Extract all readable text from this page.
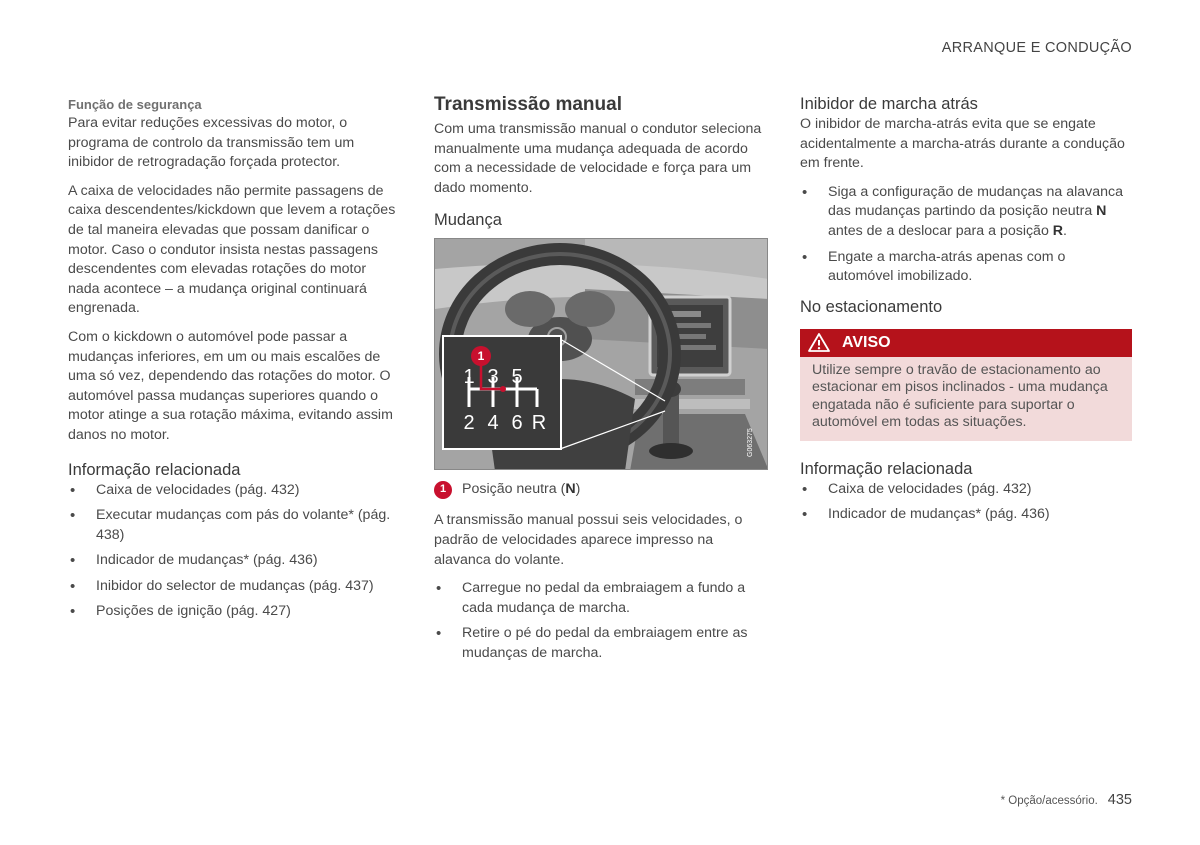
ARRANQUE E CONDUÇÃO
Função de segurança

Para evitar reduções excessivas do motor, o programa de controlo da transmissão tem um inibidor de retrogradação forçada protector.

A caixa de velocidades não permite passagens de caixa descendentes/kickdown que levem a rotações de tal maneira elevadas que possam danificar o motor. Caso o condutor insista nestas passagens descendentes com elevadas rotações do motor nada acontece – a mudança original continuará engrenada.

Com o kickdown o automóvel pode passar a mudanças inferiores, em um ou mais escalões de uma só vez, dependendo das rotações do motor. O automóvel passa mudanças superiores quando o motor atinge a sua rotação máxima, evitando assim danos no motor.

Informação relacionada
• Caixa de velocidades (pág. 432)
• Executar mudanças com pás do volante* (pág. 438)
• Indicador de mudanças* (pág. 436)
• Inibidor do selector de mudanças (pág. 437)
• Posições de ignição (pág. 427)
Transmissão manual

Com uma transmissão manual o condutor seleciona manualmente uma mudança adequada de acordo com a necessidade de velocidade e força para um dado momento.

Mudança
1 3 5
2 4 6 R
1
G063275
1	Posição neutra (N)

A transmissão manual possui seis velocidades, o padrão de velocidades aparece impresso na alavanca do volante.

• Carregue no pedal da embraiagem a fundo a cada mudança de marcha.
• Retire o pé do pedal da embraiagem entre as mudanças de marcha.
Inibidor de marcha atrás

O inibidor de marcha-atrás evita que se engate acidentalmente a marcha-atrás durante a condução em frente.

• Siga a configuração de mudanças na alavanca das mudanças partindo da posição neutra N antes de a deslocar para a posição R.
• Engate a marcha-atrás apenas com o automóvel imobilizado.
No estacionamento
AVISO
Utilize sempre o travão de estacionamento ao estacionar em pisos inclinados - uma mudança engatada não é suficiente para suportar o automóvel em todas as situações.
Informação relacionada
• Caixa de velocidades (pág. 432)
• Indicador de mudanças* (pág. 436)
* Opção/acessório. 435
